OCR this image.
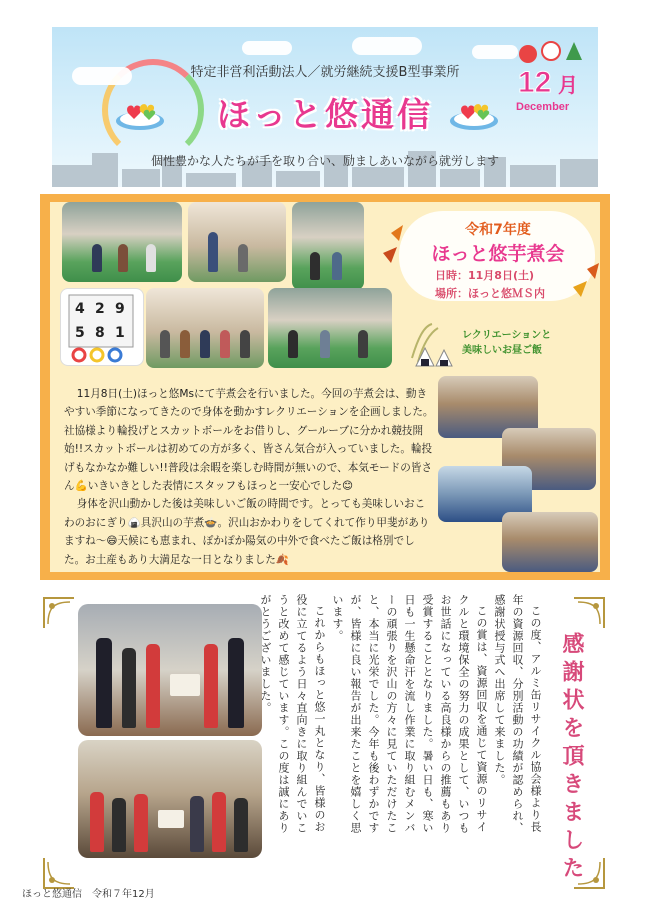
特定非営利活動法人／就労継続支援B型事業所
ほっと悠通信
個性豊かな人たちが手を取り合い、励ましあいながら就労します
12 月
December
4 2 9
5 8 1
令和7年度
ほっと悠芋煮会
日時：11月8日(土)
場所：ほっと悠ＭＳ内
レクリエーションと
美味しいお昼ご飯

11月8日(土)ほっと悠Msにて芋煮会を行いました。今回の芋煮会は、動きやすい季節になってきたので身体を動かすレクリエーションを企画しました。社協様より輪投げとスカットボールをお借りし、グールーブに分かれ競技開始!!スカットボールは初めての方が多く、皆さん気合が入っていました。輪投げもなかなか難しい!!普段は余暇を楽しむ時間が無いので、本気モードの皆さん💪いきいきとした表情にスタッフもほっと一安心でした😊

身体を沢山動かした後は美味しいご飯の時間です。とっても美味しいおこわのおにぎり🍙具沢山の芋煮🍲。沢山おかわりをしてくれて作り甲斐がありますね～😄天候にも恵まれ、ぽかぽか陽気の中外で食べたご飯は格別でした。お土産もあり大満足な一日となりました🍂

この度、アルミ缶リサイクル協会様より長年の資源回収、分別活動の功績が認められ、感謝状授与式へ出席して来ました。

この賞は、資源回収を通じて資源のリサイクルと環境保全の努力の成果として、いつもお世話になっている高良様からの推薦もあり受賞することとなりました。暑い日も、寒い日も一生懸命汗を流し作業に取り組むメンバーの頑張りを沢山の方々に見ていただけたこと、本当に光栄でした。今年も後わずかですが、皆様に良い報告が出来たことを嬉しく思います。

これからもほっと悠一丸となり、皆様のお役に立てるよう日々直向きに取り組んでいこうと改めて感じています。この度は誠にありがとうございました。	感謝状を頂きました
ほっと悠通信　令和７年12月
